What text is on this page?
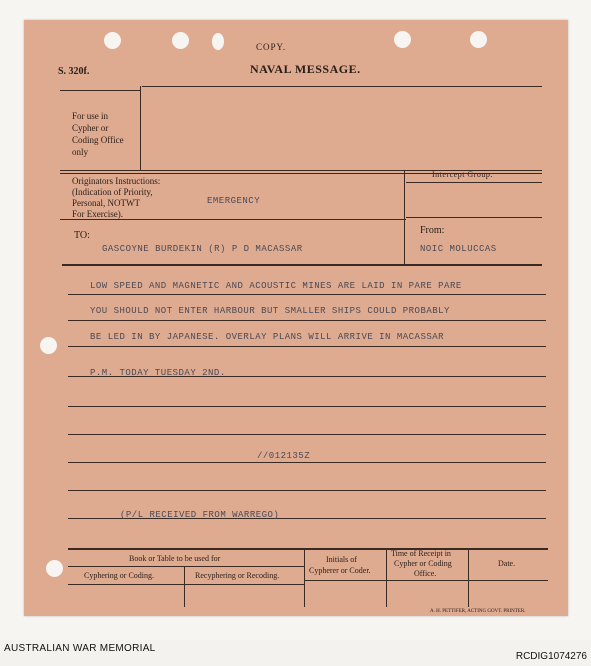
COPY.
S. 320f.	NAVAL MESSAGE.
For use in
Cypher or
Coding Office
only
Originators Instructions:
(Indication of Priority,
Personal, NOTWT
For Exercise).
EMERGENCY
Intercept Group.
TO:
GASCOYNE BURDEKIN (R) P D MACASSAR
From:
NOIC MOLUCCAS
LOW SPEED AND MAGNETIC AND ACOUSTIC MINES ARE LAID IN PARE PARE
YOU SHOULD NOT ENTER HARBOUR BUT SMALLER SHIPS COULD PROBABLY
BE LED IN BY JAPANESE. OVERLAY PLANS WILL ARRIVE IN MACASSAR
P.M. TODAY TUESDAY 2ND.
//012135Z
(P/L RECEIVED FROM WARREGO)
Book or Table to be used for
Cyphering or Coding.	Recyphering or Recoding.
Initials of
Cypherer or Coder.
Time of Receipt in
Cypher or Coding
Office.
Date.
A. H. PETTIFER, ACTING GOVT. PRINTER.
AUSTRALIAN WAR MEMORIAL
RCDIG1074276
